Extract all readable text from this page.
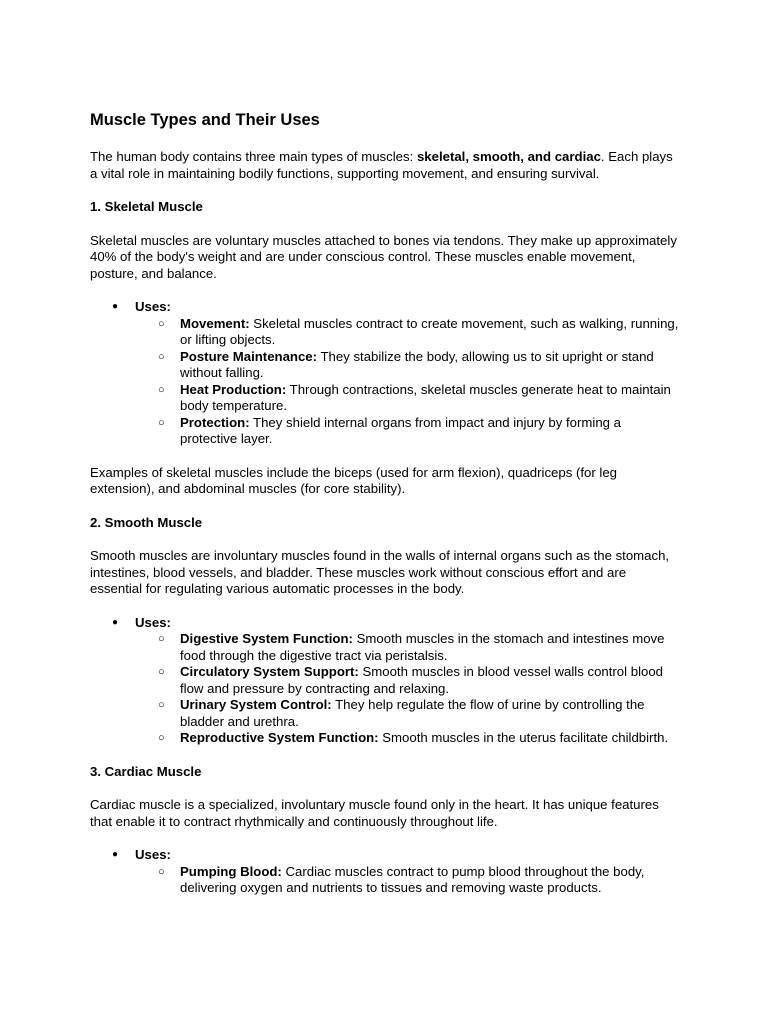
Muscle Types and Their Uses

The human body contains three main types of muscles: skeletal, smooth, and cardiac. Each plays a vital role in maintaining bodily functions, supporting movement, and ensuring survival.

1. Skeletal Muscle

Skeletal muscles are voluntary muscles attached to bones via tendons. They make up approximately 40% of the body's weight and are under conscious control. These muscles enable movement, posture, and balance.

● Uses:
○ Movement: Skeletal muscles contract to create movement, such as walking, running, or lifting objects.
○ Posture Maintenance: They stabilize the body, allowing us to sit upright or stand without falling.
○ Heat Production: Through contractions, skeletal muscles generate heat to maintain body temperature.
○ Protection: They shield internal organs from impact and injury by forming a protective layer.

Examples of skeletal muscles include the biceps (used for arm flexion), quadriceps (for leg extension), and abdominal muscles (for core stability).

2. Smooth Muscle

Smooth muscles are involuntary muscles found in the walls of internal organs such as the stomach, intestines, blood vessels, and bladder. These muscles work without conscious effort and are essential for regulating various automatic processes in the body.

● Uses:
○ Digestive System Function: Smooth muscles in the stomach and intestines move food through the digestive tract via peristalsis.
○ Circulatory System Support: Smooth muscles in blood vessel walls control blood flow and pressure by contracting and relaxing.
○ Urinary System Control: They help regulate the flow of urine by controlling the bladder and urethra.
○ Reproductive System Function: Smooth muscles in the uterus facilitate childbirth.
3. Cardiac Muscle

Cardiac muscle is a specialized, involuntary muscle found only in the heart. It has unique features that enable it to contract rhythmically and continuously throughout life.

● Uses:
○ Pumping Blood: Cardiac muscles contract to pump blood throughout the body, delivering oxygen and nutrients to tissues and removing waste products.
